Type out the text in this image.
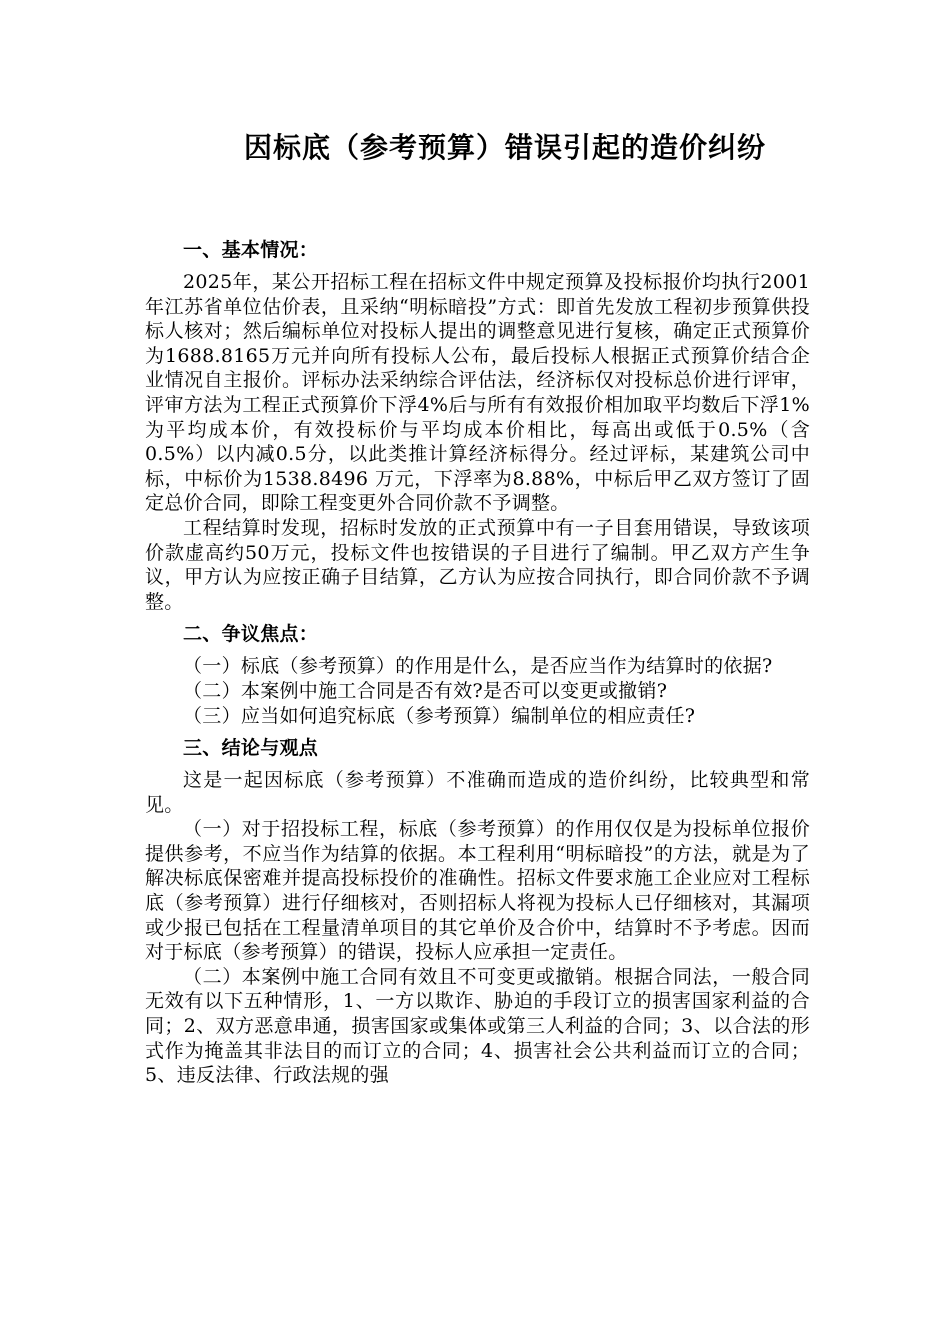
因标底（参考预算）错误引起的造价纠纷
一、基本情况：

2025年，某公开招标工程在招标文件中规定预算及投标报价均执行2001年江苏省单位估价表，且采纳“明标暗投”方式：即首先发放工程初步预算供投标人核对；然后编标单位对投标人提出的调整意见进行复核，确定正式预算价为1688.8165万元并向所有投标人公布，最后投标人根据正式预算价结合企业情况自主报价。评标办法采纳综合评估法，经济标仅对投标总价进行评审，评审方法为工程正式预算价下浮4%后与所有有效报价相加取平均数后下浮1%为平均成本价，有效投标价与平均成本价相比，每高出或低于0.5%（含0.5%）以内减0.5分，以此类推计算经济标得分。经过评标，某建筑公司中标，中标价为1538.8496 万元，下浮率为8.88%，中标后甲乙双方签订了固定总价合同，即除工程变更外合同价款不予调整。

工程结算时发现，招标时发放的正式预算中有一子目套用错误，导致该项价款虚高约50万元，投标文件也按错误的子目进行了编制。甲乙双方产生争议，甲方认为应按正确子目结算，乙方认为应按合同执行，即合同价款不予调整。

二、争议焦点：

（一）标底（参考预算）的作用是什么，是否应当作为结算时的依据?

（二）本案例中施工合同是否有效?是否可以变更或撤销?

（三）应当如何追究标底（参考预算）编制单位的相应责任?

三、结论与观点

这是一起因标底（参考预算）不准确而造成的造价纠纷，比较典型和常见。

（一）对于招投标工程，标底（参考预算）的作用仅仅是为投标单位报价提供参考，不应当作为结算的依据。本工程利用“明标暗投”的方法，就是为了解决标底保密难并提高投标投价的准确性。招标文件要求施工企业应对工程标底（参考预算）进行仔细核对，否则招标人将视为投标人已仔细核对，其漏项或少报已包括在工程量清单项目的其它单价及合价中，结算时不予考虑。因而对于标底（参考预算）的错误，投标人应承担一定责任。

（二）本案例中施工合同有效且不可变更或撤销。根据合同法，一般合同无效有以下五种情形，1、一方以欺诈、胁迫的手段订立的损害国家利益的合同；2、双方恶意串通，损害国家或集体或第三人利益的合同；3、以合法的形式作为掩盖其非法目的而订立的合同；4、损害社会公共利益而订立的合同；5、违反法律、行政法规的强
